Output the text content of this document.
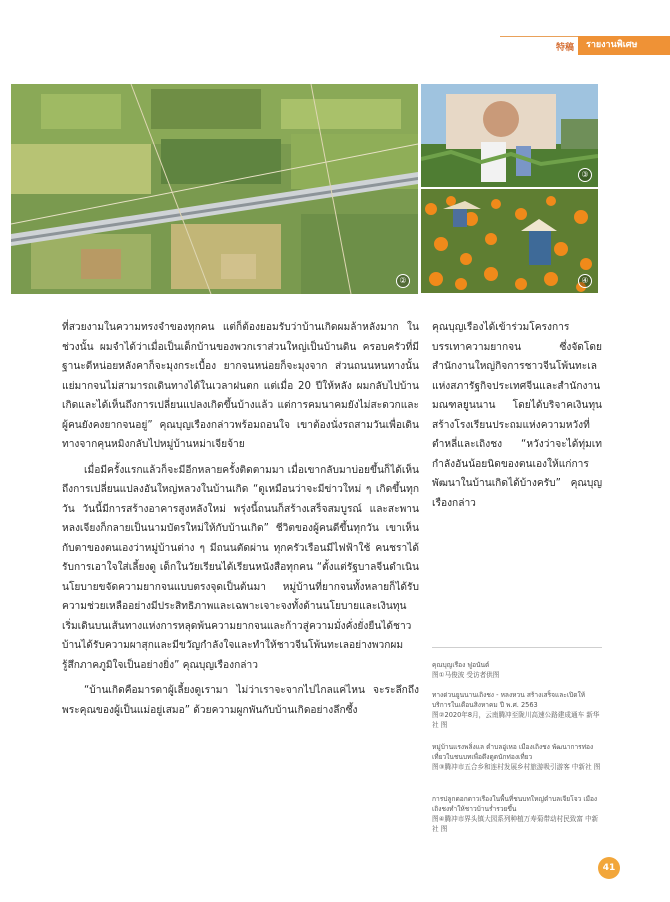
特稿	รายงานพิเศษ
②
③
④

ที่สวยงามในความทรงจำของทุกคน แต่ก็ต้องยอมรับว่าบ้านเกิดผมล้าหลังมาก ในช่วงนั้น ผมจำได้ว่าเมื่อเป็นเด็กบ้านของพวกเราส่วนใหญ่เป็นบ้านดิน ครอบครัวที่มีฐานะดีหน่อยหลังคาก็จะมุงกระเบื้อง ยากจนหน่อยก็จะมุงจาก ส่วนถนนหนทางนั้นแย่มากจนไม่สามารถเดินทางได้ในเวลาฝนตก แต่เมื่อ 20 ปีให้หลัง ผมกลับไปบ้านเกิดและได้เห็นถึงการเปลี่ยนแปลงเกิดขึ้นบ้างแล้ว แต่การคมนาคมยังไม่สะดวกและผู้คนยังคงยากจนอยู่” คุณบุญเรืองกล่าวพร้อมถอนใจ เขาต้องนั่งรถสามวันเพื่อเดินทางจากคุนหมิงกลับไปหมู่บ้านหม่าเจียจ้าย

เมื่อมีครั้งแรกแล้วก็จะมีอีกหลายครั้งติดตามมา เมื่อเขากลับมาบ่อยขึ้นก็ได้เห็นถึงการเปลี่ยนแปลงอันใหญ่หลวงในบ้านเกิด “ดูเหมือนว่าจะมีข่าวใหม่ ๆ เกิดขึ้นทุกวัน วันนี้มีการสร้างอาคารสูงหลังใหม่ พรุ่งนี้ถนนก็สร้างเสร็จสมบูรณ์ และสะพานหลงเจียงก็กลายเป็นนามบัตรใหม่ให้กับบ้านเกิด” ชีวิตของผู้คนดีขึ้นทุกวัน เขาเห็นกับตาของตนเองว่าหมู่บ้านต่าง ๆ มีถนนตัดผ่าน ทุกครัวเรือนมีไฟฟ้าใช้ คนชราได้รับการเอาใจใส่เลี้ยงดู เด็กในวัยเรียนได้เรียนหนังสือทุกคน “ตั้งแต่รัฐบาลจีนดำเนินนโยบายขจัดความยากจนแบบตรงจุดเป็นต้นมา หมู่บ้านที่ยากจนทั้งหลายก็ได้รับความช่วยเหลืออย่างมีประสิทธิภาพและเฉพาะเจาะจงทั้งด้านนโยบายและเงินทุน เริ่มเดินบนเส้นทางแห่งการหลุดพ้นความยากจนและก้าวสู่ความมั่งคั่งยั่งยืนได้ชาวบ้านได้รับความผาสุกและมีขวัญกำลังใจและทำให้ชาวจีนโพ้นทะเลอย่างพวกผมรู้สึกภาคภูมิใจเป็นอย่างยิ่ง” คุณบุญเรืองกล่าว

“บ้านเกิดคือมารดาผู้เลี้ยงดูเรามา ไม่ว่าเราจะจากไปไกลแค่ไหน จะระลึกถึงพระคุณของผู้เป็นแม่อยู่เสมอ” ด้วยความผูกพันกับบ้านเกิดอย่างลึกซึ้ง

คุณบุญเรืองได้เข้าร่วมโครงการบรรเทาความยากจน ซึ่งจัดโดยสำนักงานใหญ่กิจการชาวจีนโพ้นทะเลแห่งสภารัฐกิจประเทศจีนและสำนักงานมณฑลยูนนาน โดยได้บริจาคเงินทุนสร้างโรงเรียนประถมแห่งความหวังที่ตำหลี่และเถิงชง “หวังว่าจะได้ทุ่มเทกำลังอันน้อยนิดของตนเองให้แก่การพัฒนาในบ้านเกิดได้บ้างครับ” คุณบุญเรืองกล่าว

คุณบุญเรือง ฟูอนันต์
图①马俊波 受访者供图
ทางด่วนยูนนานเถิงชง - หลงหวน สร้างเสร็จและเปิดให้บริการในเดือนสิงหาคม ปี พ.ศ. 2563
图②2020年8月，云南腾冲至陇川高速公路建成通车 新华社 图
หมู่บ้านแรงพลิ่งแล ตำบลอู่เหอ เมืองเถิงชง พัฒนาการท่องเที่ยวในชนบทเพื่อดึงดูดนักท่องเที่ยว
图③腾冲市五合乡和连村发展乡村旅游吸引游客 中新社 图
การปลูกดอกดาวเรืองในพื้นที่ชนบทใหญ่ตำบลเจียโจว เมืองเถิงชงทำให้ชาวบ้านร่ำรวยขึ้น
图④腾冲市界头镇大园系列种植万寿菊带动村民致富 中新社 图
41
